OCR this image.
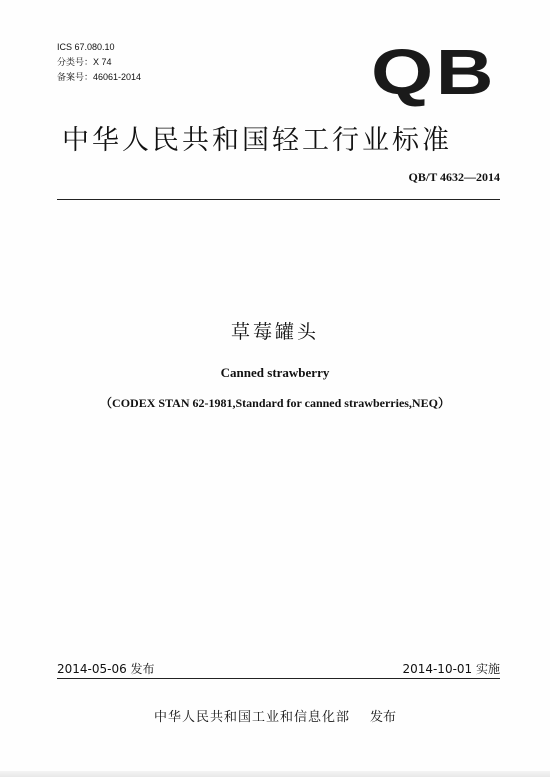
ICS 67.080.10
分类号：X 74
备案号：46061-2014	QB
中华人民共和国轻工行业标准
QB/T 4632—2014
草莓罐头
Canned strawberry
（CODEX STAN 62-1981,Standard for canned strawberries,NEQ）
2014-05-06 发布	2014-10-01 实施
中华人民共和国工业和信息化部 发布
